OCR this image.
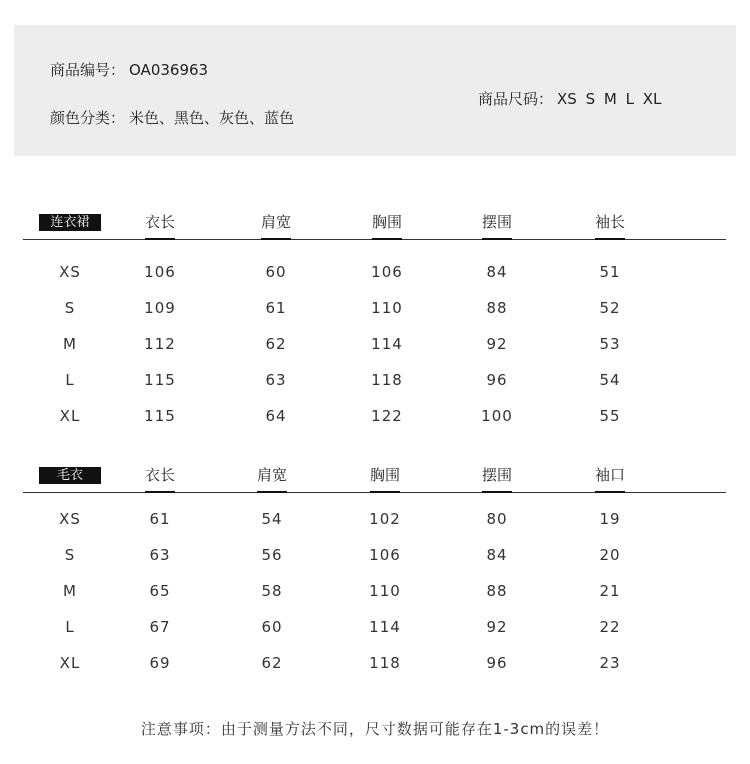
商品编号： OA036963
颜色分类： 米色、黑色、灰色、蓝色
商品尺码： XS S M L XL
连衣裙	衣长	肩宽	胸围	摆围	袖长
XS	106	60	106	84	51
S	109	61	110	88	52
M	112	62	114	92	53
L	115	63	118	96	54
XL	115	64	122	100	55
毛衣	衣长	肩宽	胸围	摆围	袖口
XS	61	54	102	80	19
S	63	56	106	84	20
M	65	58	110	88	21
L	67	60	114	92	22
XL	69	62	118	96	23
注意事项：由于测量方法不同，尺寸数据可能存在1-3cm的误差！
